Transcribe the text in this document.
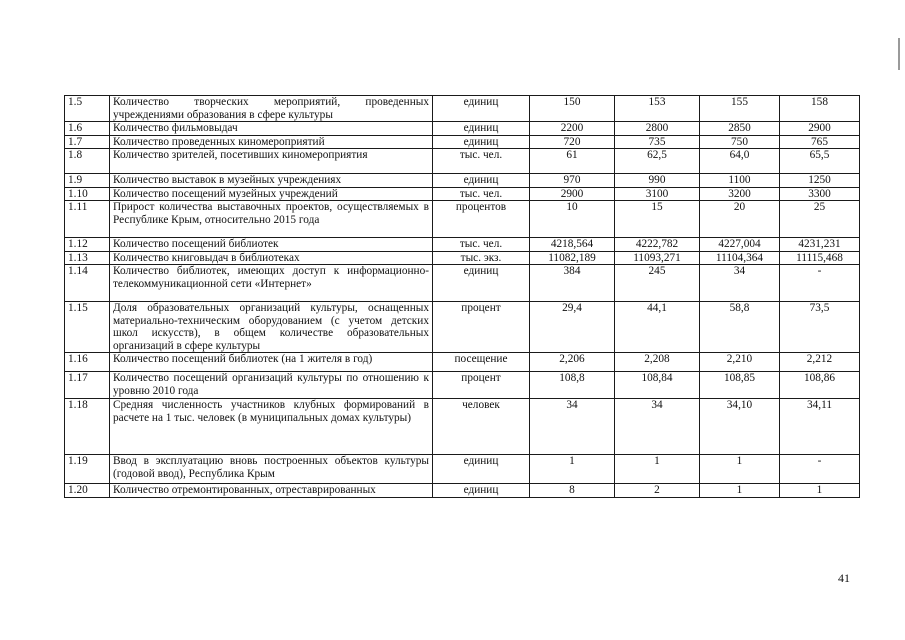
1.5	Количество творческих мероприятий, проведенных учреждениями образования в сфере культуры	единиц	150	153	155	158
1.6	Количество фильмовыдач	единиц	2200	2800	2850	2900
1.7	Количество проведенных киномероприятий	единиц	720	735	750	765
1.8	Количество зрителей, посетивших киномероприятия	тыс. чел.	61	62,5	64,0	65,5
1.9	Количество выставок в музейных учреждениях	единиц	970	990	1100	1250
1.10	Количество посещений музейных учреждений	тыс. чел.	2900	3100	3200	3300
1.11	Прирост количества выставочных проектов, осуществляемых в Республике Крым, относительно 2015 года	процентов	10	15	20	25
1.12	Количество посещений библиотек	тыс. чел.	4218,564	4222,782	4227,004	4231,231
1.13	Количество книговыдач в библиотеках	тыс. экз.	11082,189	11093,271	11104,364	11115,468
1.14	Количество библиотек, имеющих доступ к информационно-телекоммуникационной сети «Интернет»	единиц	384	245	34	-
1.15	Доля образовательных организаций культуры, оснащенных материально-техническим оборудованием (с учетом детских школ искусств), в общем количестве образовательных организаций в сфере культуры	процент	29,4	44,1	58,8	73,5
1.16	Количество посещений библиотек (на 1 жителя в год)	посещение	2,206	2,208	2,210	2,212
1.17	Количество посещений организаций культуры по отношению к уровню 2010 года	процент	108,8	108,84	108,85	108,86
1.18	Средняя численность участников клубных формирований в расчете на 1 тыс. человек (в муниципальных домах культуры)	человек	34	34	34,10	34,11
1.19	Ввод в эксплуатацию вновь построенных объектов культуры (годовой ввод), Республика Крым	единиц	1	1	1	-
1.20	Количество отремонтированных, отреставрированных	единиц	8	2	1	1
41
